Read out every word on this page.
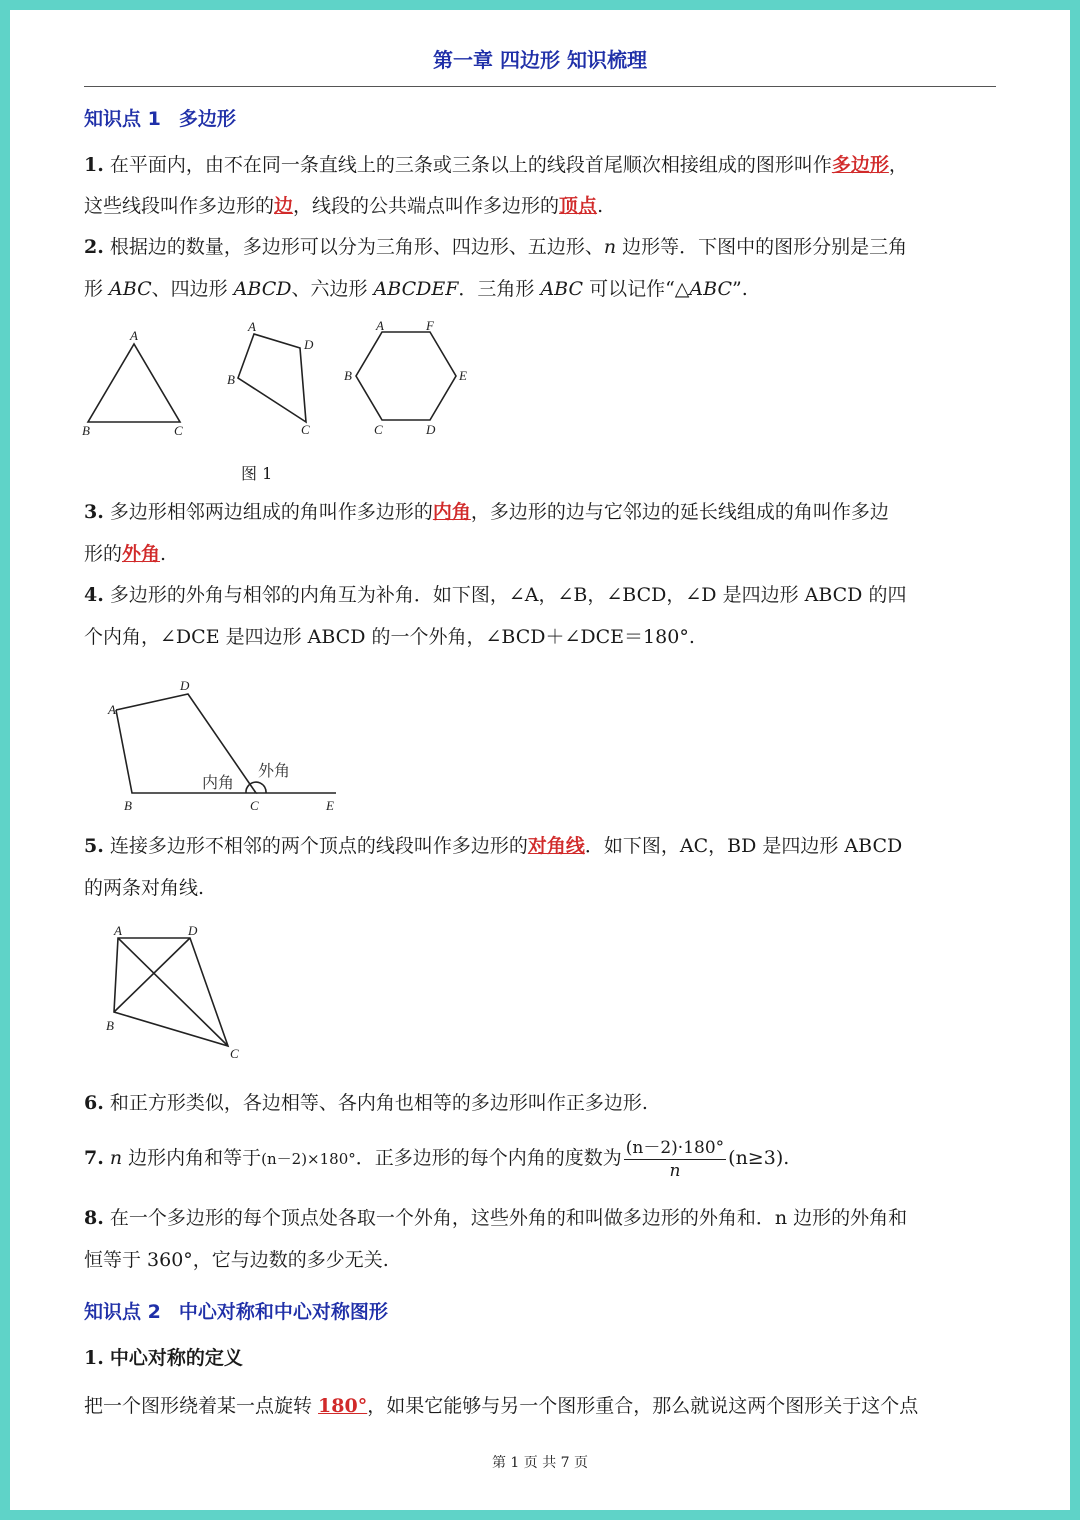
第一章 四边形 知识梳理
知识点 1 多边形
1. 在平面内，由不在同一条直线上的三条或三条以上的线段首尾顺次相接组成的图形叫作多边形，
这些线段叫作多边形的边，线段的公共端点叫作多边形的顶点.
2. 根据边的数量，多边形可以分为三角形、四边形、五边形、n 边形等．下图中的图形分别是三角
形 ABC、四边形 ABCD、六边形 ABCDEF．三角形 ABC 可以记作“△ABC”.
A
B	C
A
B
C
D
A
B
C	D
E
F
图 1
3. 多边形相邻两边组成的角叫作多边形的内角，多边形的边与它邻边的延长线组成的角叫作多边
形的外角.
4. 多边形的外角与相邻的内角互为补角．如下图，∠A，∠B，∠BCD，∠D 是四边形 ABCD 的四
个内角，∠DCE 是四边形 ABCD 的一个外角，∠BCD＋∠DCE＝180°.
A
D
B	C	E
内角
外角
5. 连接多边形不相邻的两个顶点的线段叫作多边形的对角线．如下图，AC，BD 是四边形 ABCD
的两条对角线.
A	D
B
C
6. 和正方形类似，各边相等、各内角也相等的多边形叫作正多边形.
7. n 边形内角和等于(n－2)×180°．正多边形的每个内角的度数为 $\frac{(n-2)\cdot 180^\circ}{n} (n\ge 3)$.
8. 在一个多边形的每个顶点处各取一个外角，这些外角的和叫做多边形的外角和．n 边形的外角和
恒等于 360°，它与边数的多少无关.
知识点 2 中心对称和中心对称图形
1. 中心对称的定义
把一个图形绕着某一点旋转 180°，如果它能够与另一个图形重合，那么就说这两个图形关于这个点
第 1 页 共 7 页
